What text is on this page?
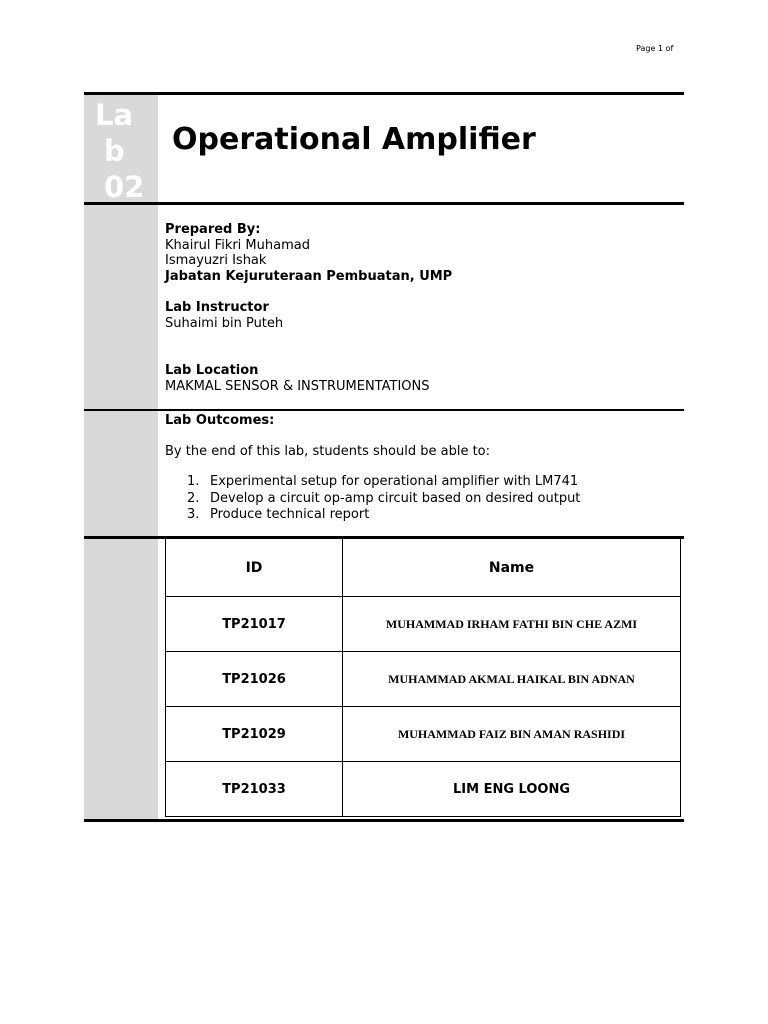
Page 1 of
La
b
02
Operational Amplifier
Prepared By:
Khairul Fikri Muhamad
Ismayuzri Ishak
Jabatan Kejuruteraan Pembuatan, UMP
Lab Instructor
Suhaimi bin Puteh
Lab Location
MAKMAL SENSOR & INSTRUMENTATIONS
Lab Outcomes:
By the end of this lab, students should be able to:
1. Experimental setup for operational amplifier with LM741
2. Develop a circuit op-amp circuit based on desired output
3. Produce technical report
ID	Name
TP21017	MUHAMMAD IRHAM FATHI BIN CHE AZMI
TP21026	MUHAMMAD AKMAL HAIKAL BIN ADNAN
TP21029	MUHAMMAD FAIZ BIN AMAN RASHIDI
TP21033	LIM ENG LOONG
